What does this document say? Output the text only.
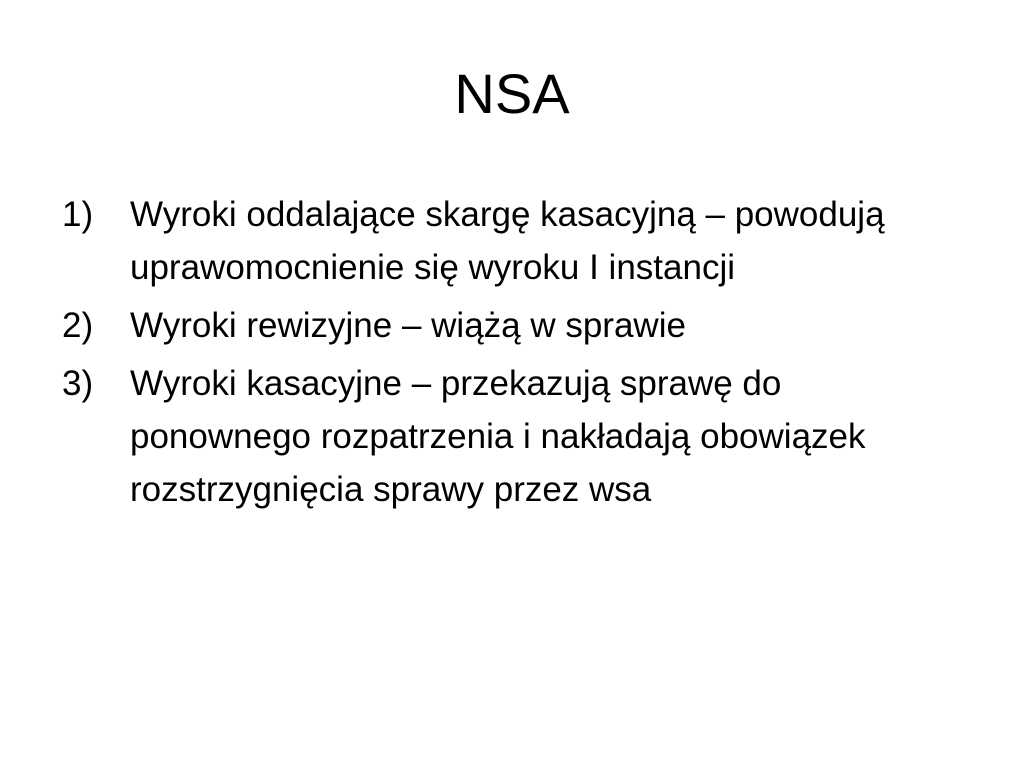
NSA
1) Wyroki oddalające skargę kasacyjną – powodują uprawomocnienie się wyroku I instancji
2) Wyroki rewizyjne – wiążą w sprawie
3) Wyroki kasacyjne – przekazują sprawę do ponownego rozpatrzenia i nakładają obowiązek rozstrzygnięcia sprawy przez wsa
